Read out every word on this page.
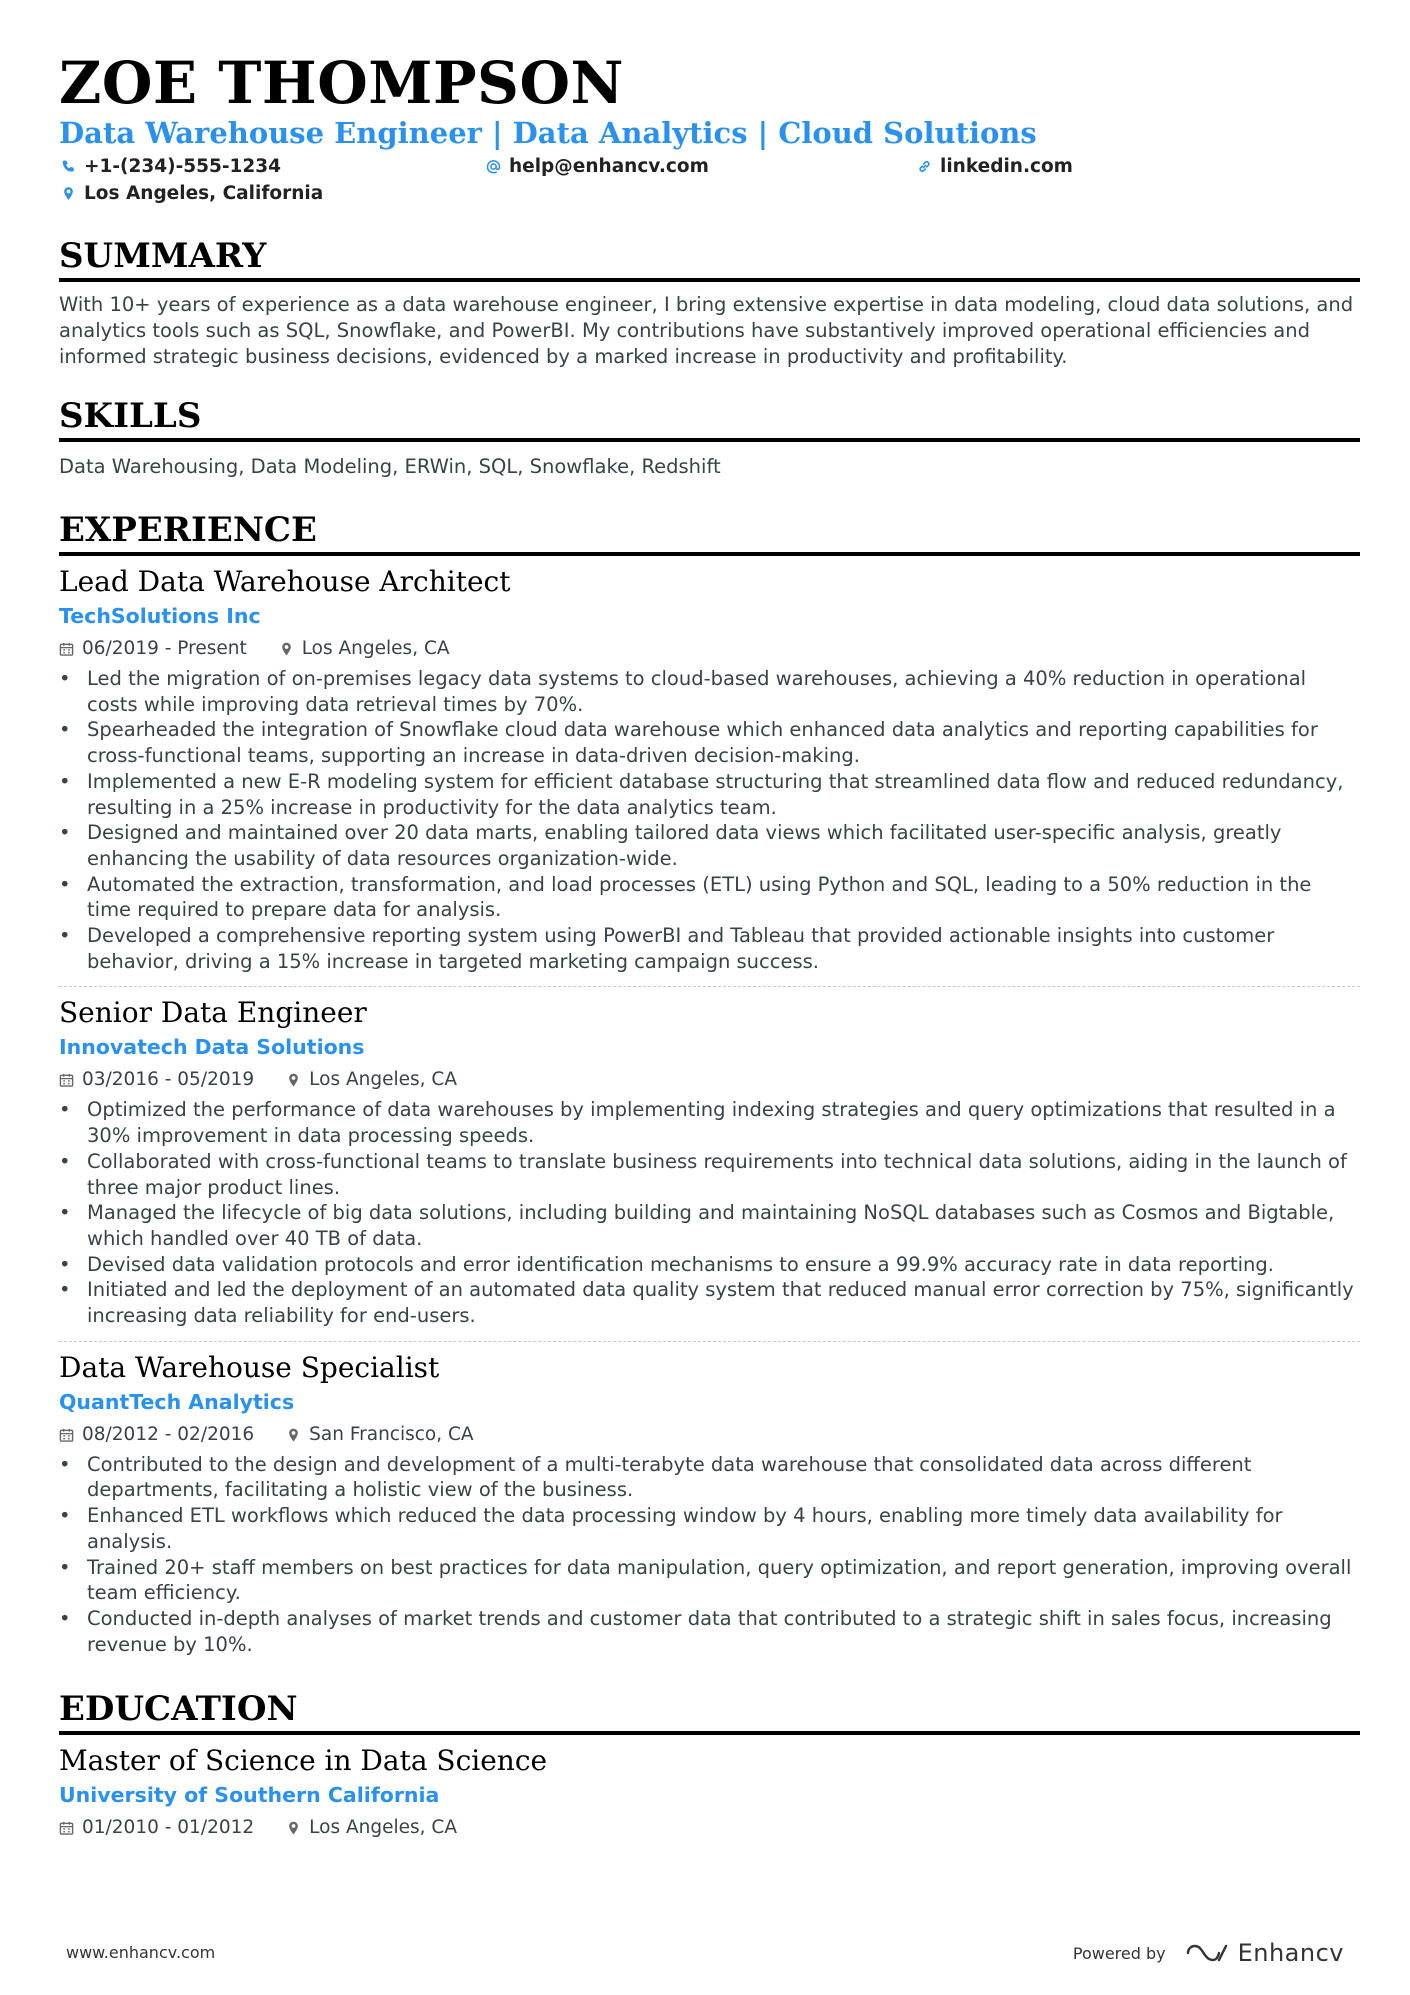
ZOE THOMPSON
Data Warehouse Engineer | Data Analytics | Cloud Solutions
+1-(234)-555-1234	help@enhancv.com	linkedin.com
Los Angeles, California
SUMMARY
With 10+ years of experience as a data warehouse engineer, I bring extensive expertise in data modeling, cloud data solutions, and analytics tools such as SQL, Snowflake, and PowerBI. My contributions have substantively improved operational efficiencies and informed strategic business decisions, evidenced by a marked increase in productivity and profitability.
SKILLS
Data Warehousing, Data Modeling, ERWin, SQL, Snowflake, Redshift
EXPERIENCE
Lead Data Warehouse Architect
TechSolutions Inc
06/2019 - Present	Los Angeles, CA
• Led the migration of on-premises legacy data systems to cloud-based warehouses, achieving a 40% reduction in operational costs while improving data retrieval times by 70%.
• Spearheaded the integration of Snowflake cloud data warehouse which enhanced data analytics and reporting capabilities for cross-functional teams, supporting an increase in data-driven decision-making.
• Implemented a new E-R modeling system for efficient database structuring that streamlined data flow and reduced redundancy, resulting in a 25% increase in productivity for the data analytics team.
• Designed and maintained over 20 data marts, enabling tailored data views which facilitated user-specific analysis, greatly enhancing the usability of data resources organization-wide.
• Automated the extraction, transformation, and load processes (ETL) using Python and SQL, leading to a 50% reduction in the time required to prepare data for analysis.
• Developed a comprehensive reporting system using PowerBI and Tableau that provided actionable insights into customer behavior, driving a 15% increase in targeted marketing campaign success.
Senior Data Engineer
Innovatech Data Solutions
03/2016 - 05/2019	Los Angeles, CA
• Optimized the performance of data warehouses by implementing indexing strategies and query optimizations that resulted in a 30% improvement in data processing speeds.
• Collaborated with cross-functional teams to translate business requirements into technical data solutions, aiding in the launch of three major product lines.
• Managed the lifecycle of big data solutions, including building and maintaining NoSQL databases such as Cosmos and Bigtable, which handled over 40 TB of data.
• Devised data validation protocols and error identification mechanisms to ensure a 99.9% accuracy rate in data reporting.
• Initiated and led the deployment of an automated data quality system that reduced manual error correction by 75%, significantly increasing data reliability for end-users.
Data Warehouse Specialist
QuantTech Analytics
08/2012 - 02/2016	San Francisco, CA
• Contributed to the design and development of a multi-terabyte data warehouse that consolidated data across different departments, facilitating a holistic view of the business.
• Enhanced ETL workflows which reduced the data processing window by 4 hours, enabling more timely data availability for analysis.
• Trained 20+ staff members on best practices for data manipulation, query optimization, and report generation, improving overall team efficiency.
• Conducted in-depth analyses of market trends and customer data that contributed to a strategic shift in sales focus, increasing revenue by 10%.
EDUCATION
Master of Science in Data Science
University of Southern California
01/2010 - 01/2012	Los Angeles, CA
www.enhancv.com	Powered by	Enhancv
